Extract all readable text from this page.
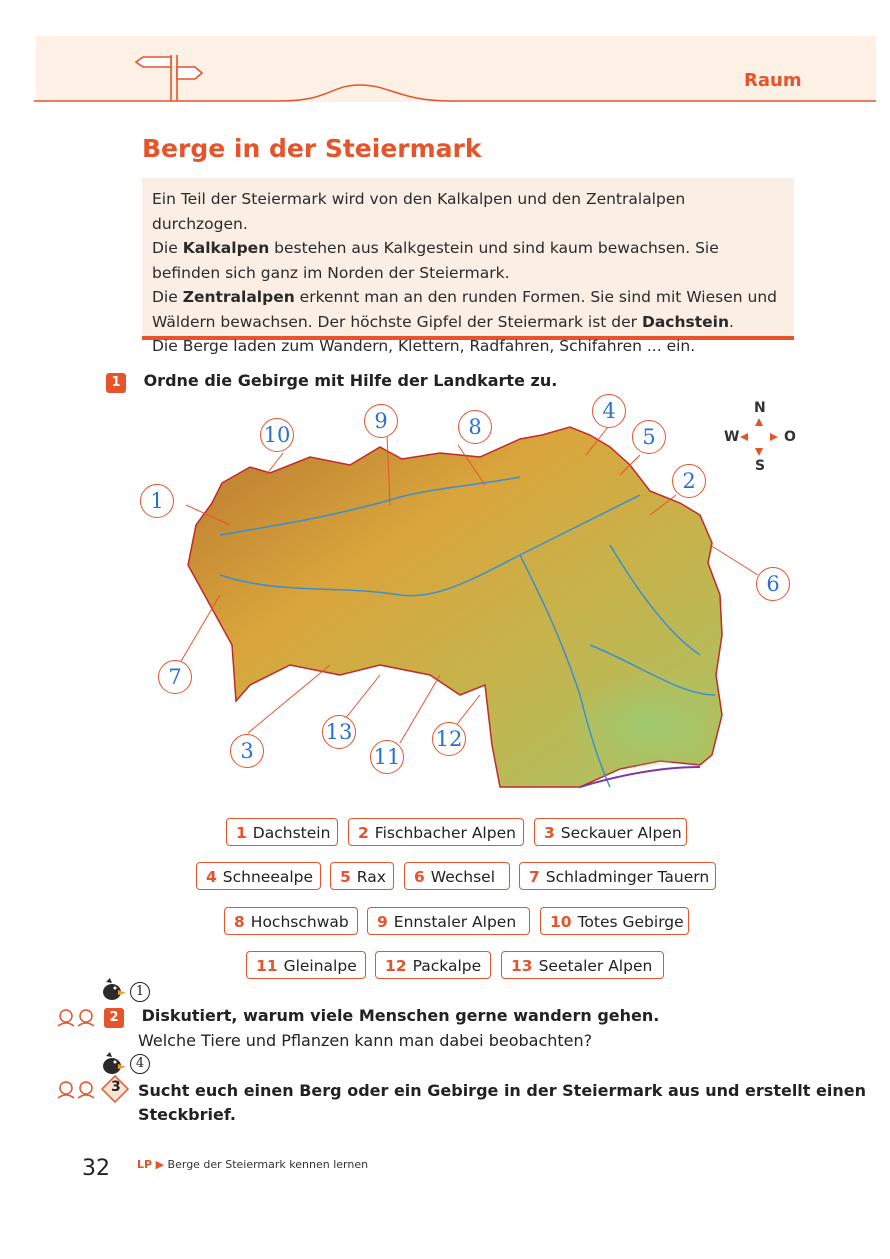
Raum
Berge in der Steiermark

Ein Teil der Steiermark wird von den Kalkalpen und den Zentralalpen durchzogen.

Die Kalkalpen bestehen aus Kalkgestein und sind kaum bewachsen. Sie befinden sich ganz im Norden der Steiermark.

Die Zentralalpen erkennt man an den runden Formen. Sie sind mit Wiesen und Wäldern bewachsen. Der höchste Gipfel der Steiermark ist der Dachstein.

Die Berge laden zum Wandern, Klettern, Radfahren, Schifahren ... ein.

1 Ordne die Gebirge mit Hilfe der Landkarte zu.
10
9	8
4
5
2
1
6
7
3
13
11
12
N
S
W	O
1 Dachstein	2 Fischbacher Alpen	3 Seckauer Alpen
4 Schneealpe	5 Rax	6 Wechsel	7 Schladminger Tauern
8 Hochschwab	9 Ennstaler Alpen	10 Totes Gebirge
11 Gleinalpe	12 Packalpe	13 Seetaler Alpen
1
2 Diskutiert, warum viele Menschen gerne wandern gehen.
Welche Tiere und Pflanzen kann man dabei beobachten?
4
3 Sucht euch einen Berg oder ein Gebirge in der Steiermark aus und erstellt einen
Steckbrief.
32 LP ▶ Berge der Steiermark kennen lernen
